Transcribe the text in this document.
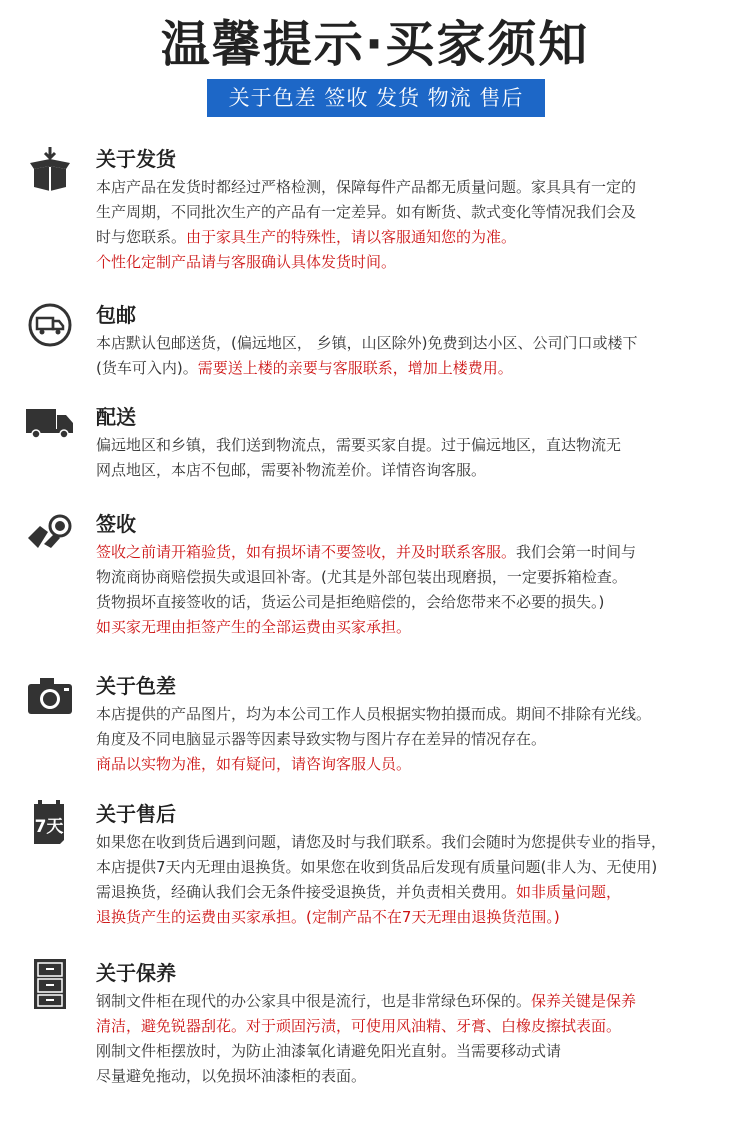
温馨提示·买家须知
关于色差 签收 发货 物流 售后
关于发货
本店产品在发货时都经过严格检测，保障每件产品都无质量问题。家具具有一定的
生产周期，不同批次生产的产品有一定差异。如有断货、款式变化等情况我们会及
时与您联系。由于家具生产的特殊性，请以客服通知您的为准。
个性化定制产品请与客服确认具体发货时间。
包邮
本店默认包邮送货，(偏远地区， 乡镇，山区除外)免费到达小区、公司门口或楼下
(货车可入内)。需要送上楼的亲要与客服联系，增加上楼费用。
配送
偏远地区和乡镇，我们送到物流点，需要买家自提。过于偏远地区，直达物流无
网点地区，本店不包邮，需要补物流差价。详情咨询客服。
签收
签收之前请开箱验货，如有损坏请不要签收，并及时联系客服。我们会第一时间与
物流商协商赔偿损失或退回补寄。(尤其是外部包装出现磨损，一定要拆箱检查。
货物损坏直接签收的话，货运公司是拒绝赔偿的，会给您带来不必要的损失。)
如买家无理由拒签产生的全部运费由买家承担。
关于色差
本店提供的产品图片，均为本公司工作人员根据实物拍摄而成。期间不排除有光线。
角度及不同电脑显示器等因素导致实物与图片存在差异的情况存在。
商品以实物为准，如有疑问，请咨询客服人员。
7天
关于售后
如果您在收到货后遇到问题，请您及时与我们联系。我们会随时为您提供专业的指导，
本店提供7天内无理由退换货。如果您在收到货品后发现有质量问题(非人为、无使用)
需退换货，经确认我们会无条件接受退换货，并负责相关费用。如非质量问题，
退换货产生的运费由买家承担。(定制产品不在7天无理由退换货范围。)
关于保养
钢制文件柜在现代的办公家具中很是流行，也是非常绿色环保的。保养关键是保养
清洁，避免锐器刮花。对于顽固污渍，可使用风油精、牙膏、白橡皮擦拭表面。
刚制文件柜摆放时，为防止油漆氧化请避免阳光直射。当需要移动式请
尽量避免拖动，以免损坏油漆柜的表面。
